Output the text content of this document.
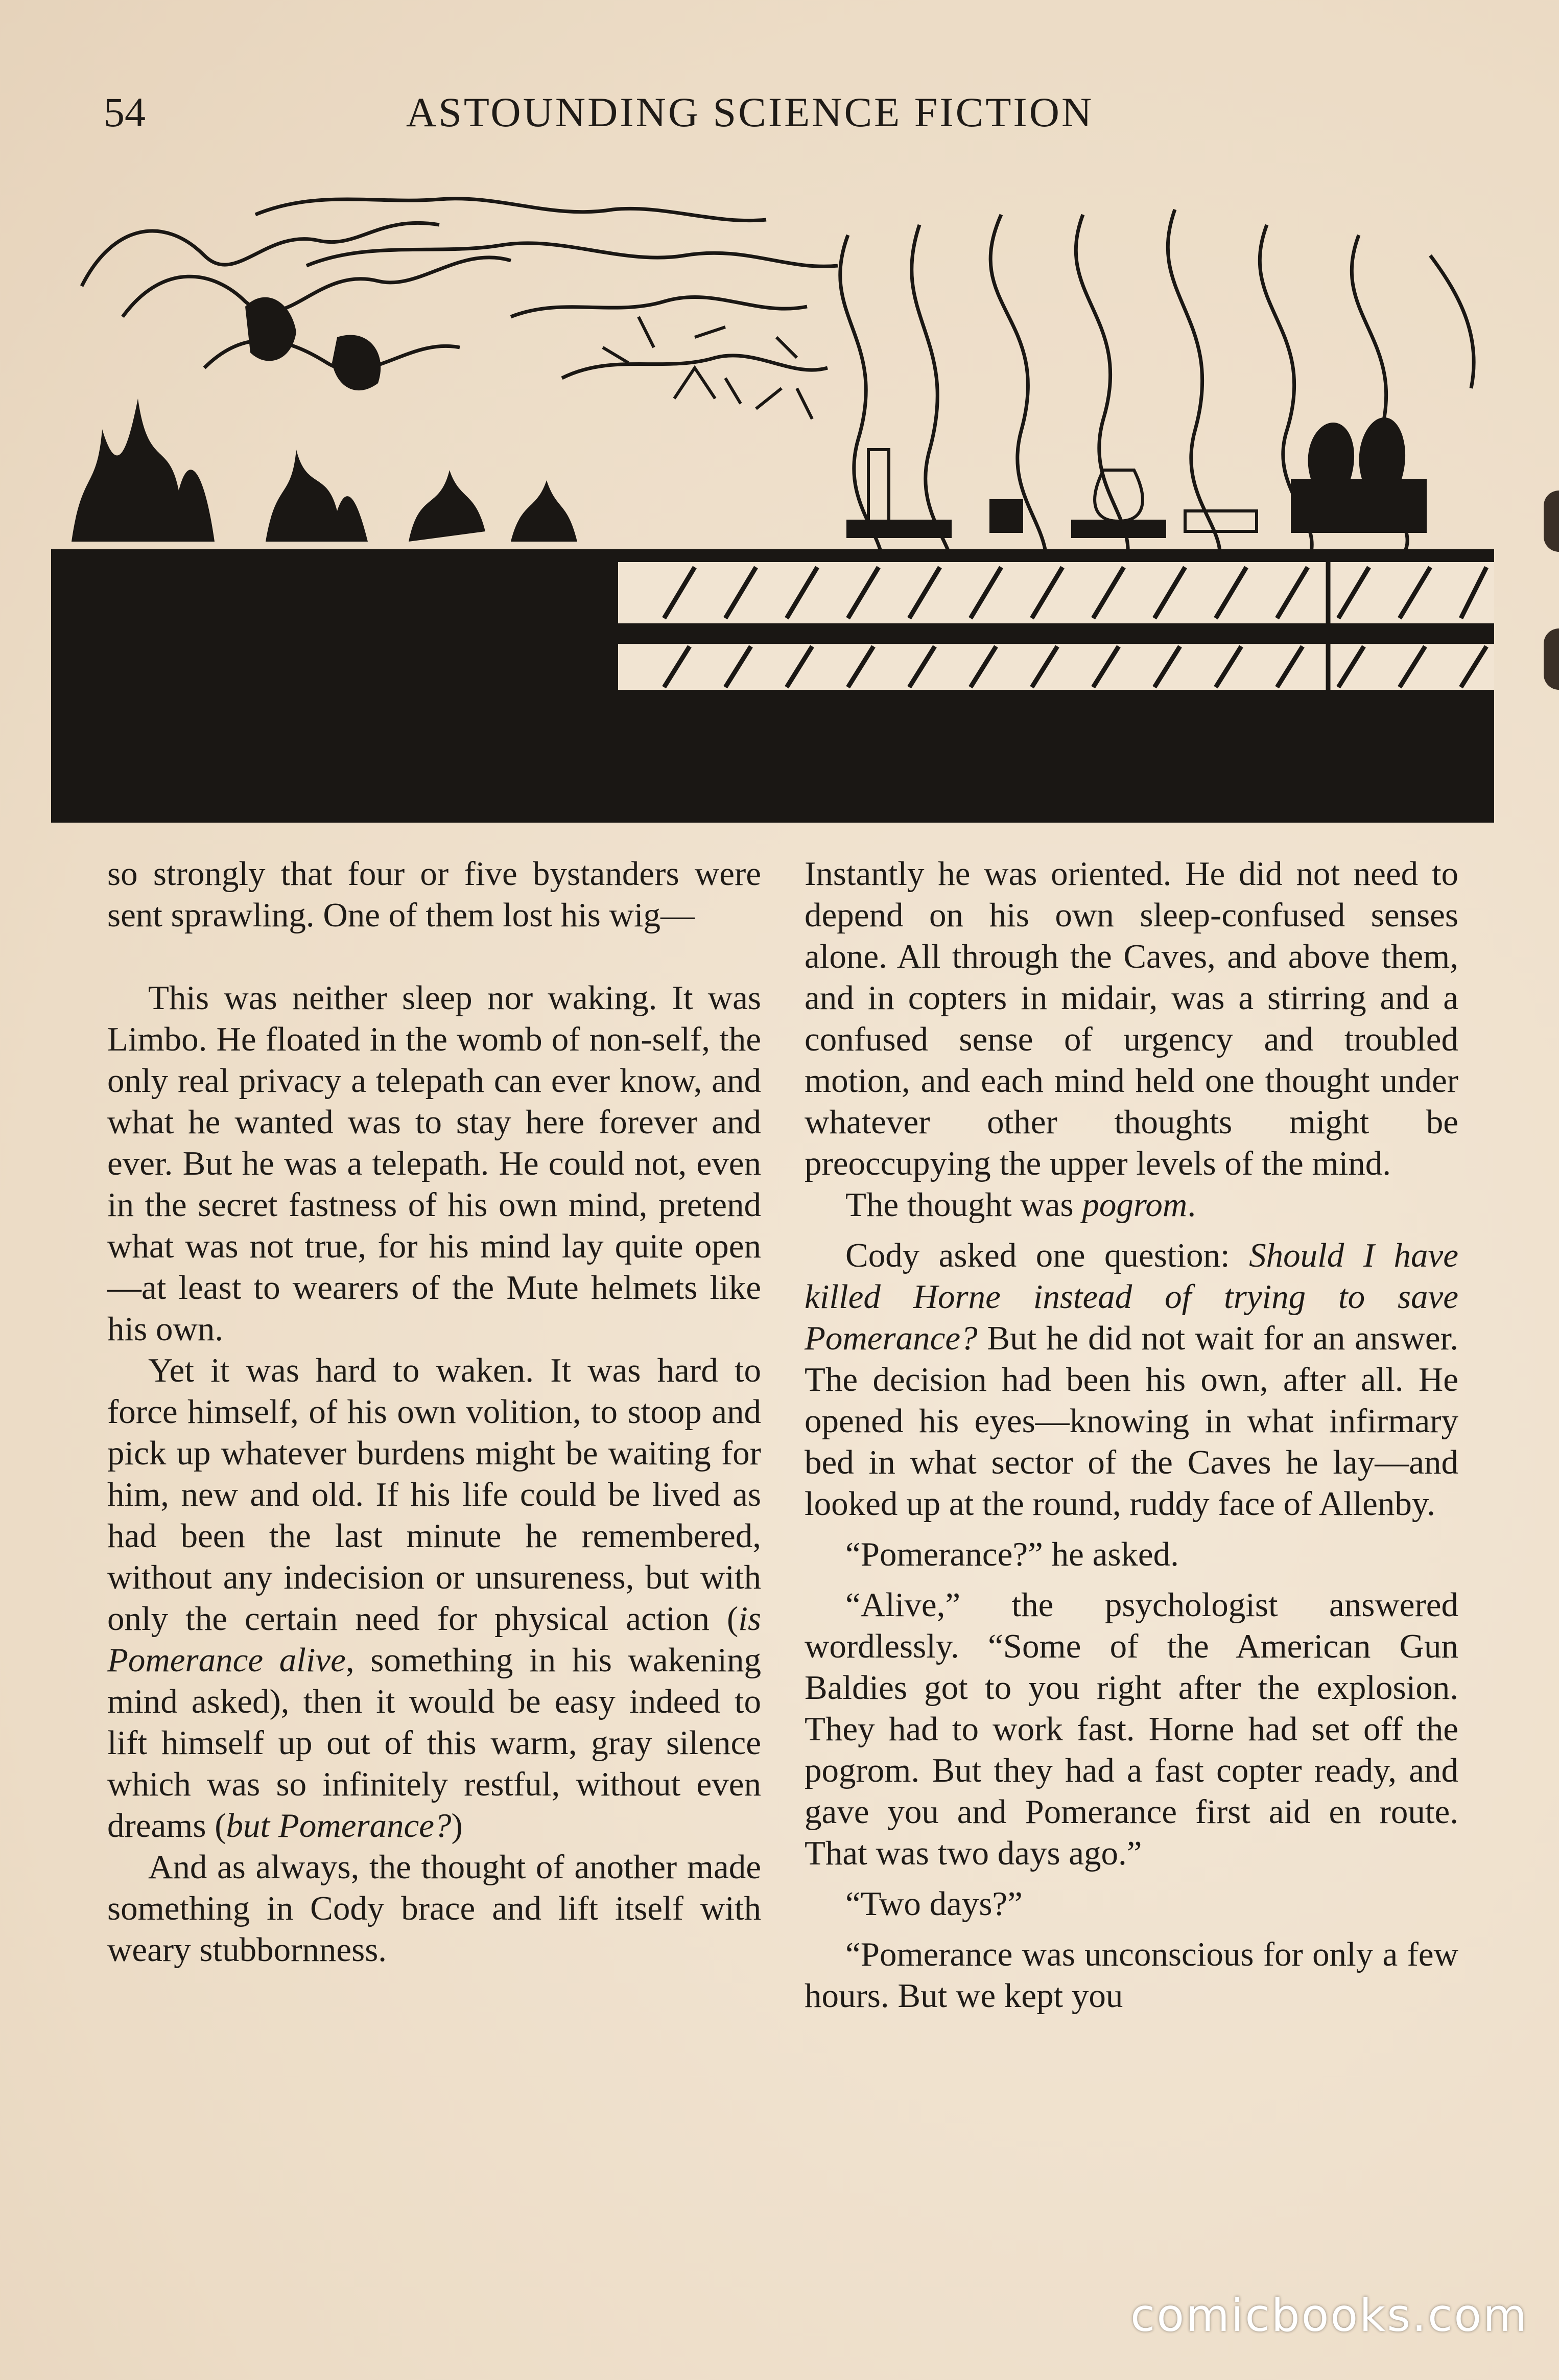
54	ASTOUNDING SCIENCE FICTION

so strongly that four or five bystanders were sent sprawling. One of them lost his wig—

This was neither sleep nor waking. It was Limbo. He floated in the womb of non-self, the only real privacy a telepath can ever know, and what he wanted was to stay here forever and ever. But he was a telepath. He could not, even in the secret fastness of his own mind, pretend what was not true, for his mind lay quite open—at least to wearers of the Mute helmets like his own.

Yet it was hard to waken. It was hard to force himself, of his own volition, to stoop and pick up whatever burdens might be waiting for him, new and old. If his life could be lived as had been the last minute he remembered, without any indecision or unsureness, but with only the certain need for physical action (is Pomerance alive, something in his wakening mind asked), then it would be easy indeed to lift himself up out of this warm, gray silence which was so infinitely restful, without even dreams (but Pomerance?)

And as always, the thought of another made something in Cody brace and lift itself with weary stubbornness.

Instantly he was oriented. He did not need to depend on his own sleep-confused senses alone. All through the Caves, and above them, and in copters in midair, was a stirring and a confused sense of urgency and troubled motion, and each mind held one thought under whatever other thoughts might be preoccupying the upper levels of the mind.

The thought was pogrom.

Cody asked one question: Should I have killed Horne instead of trying to save Pomerance? But he did not wait for an answer. The decision had been his own, after all. He opened his eyes—knowing in what infirmary bed in what sector of the Caves he lay—and looked up at the round, ruddy face of Allenby.

“Pomerance?” he asked.

“Alive,” the psychologist answered wordlessly. “Some of the American Gun Baldies got to you right after the explosion. They had to work fast. Horne had set off the pogrom. But they had a fast copter ready, and gave you and Pomerance first aid en route. That was two days ago.”

“Two days?”

“Pomerance was unconscious for only a few hours. But we kept you

comicbooks.com
